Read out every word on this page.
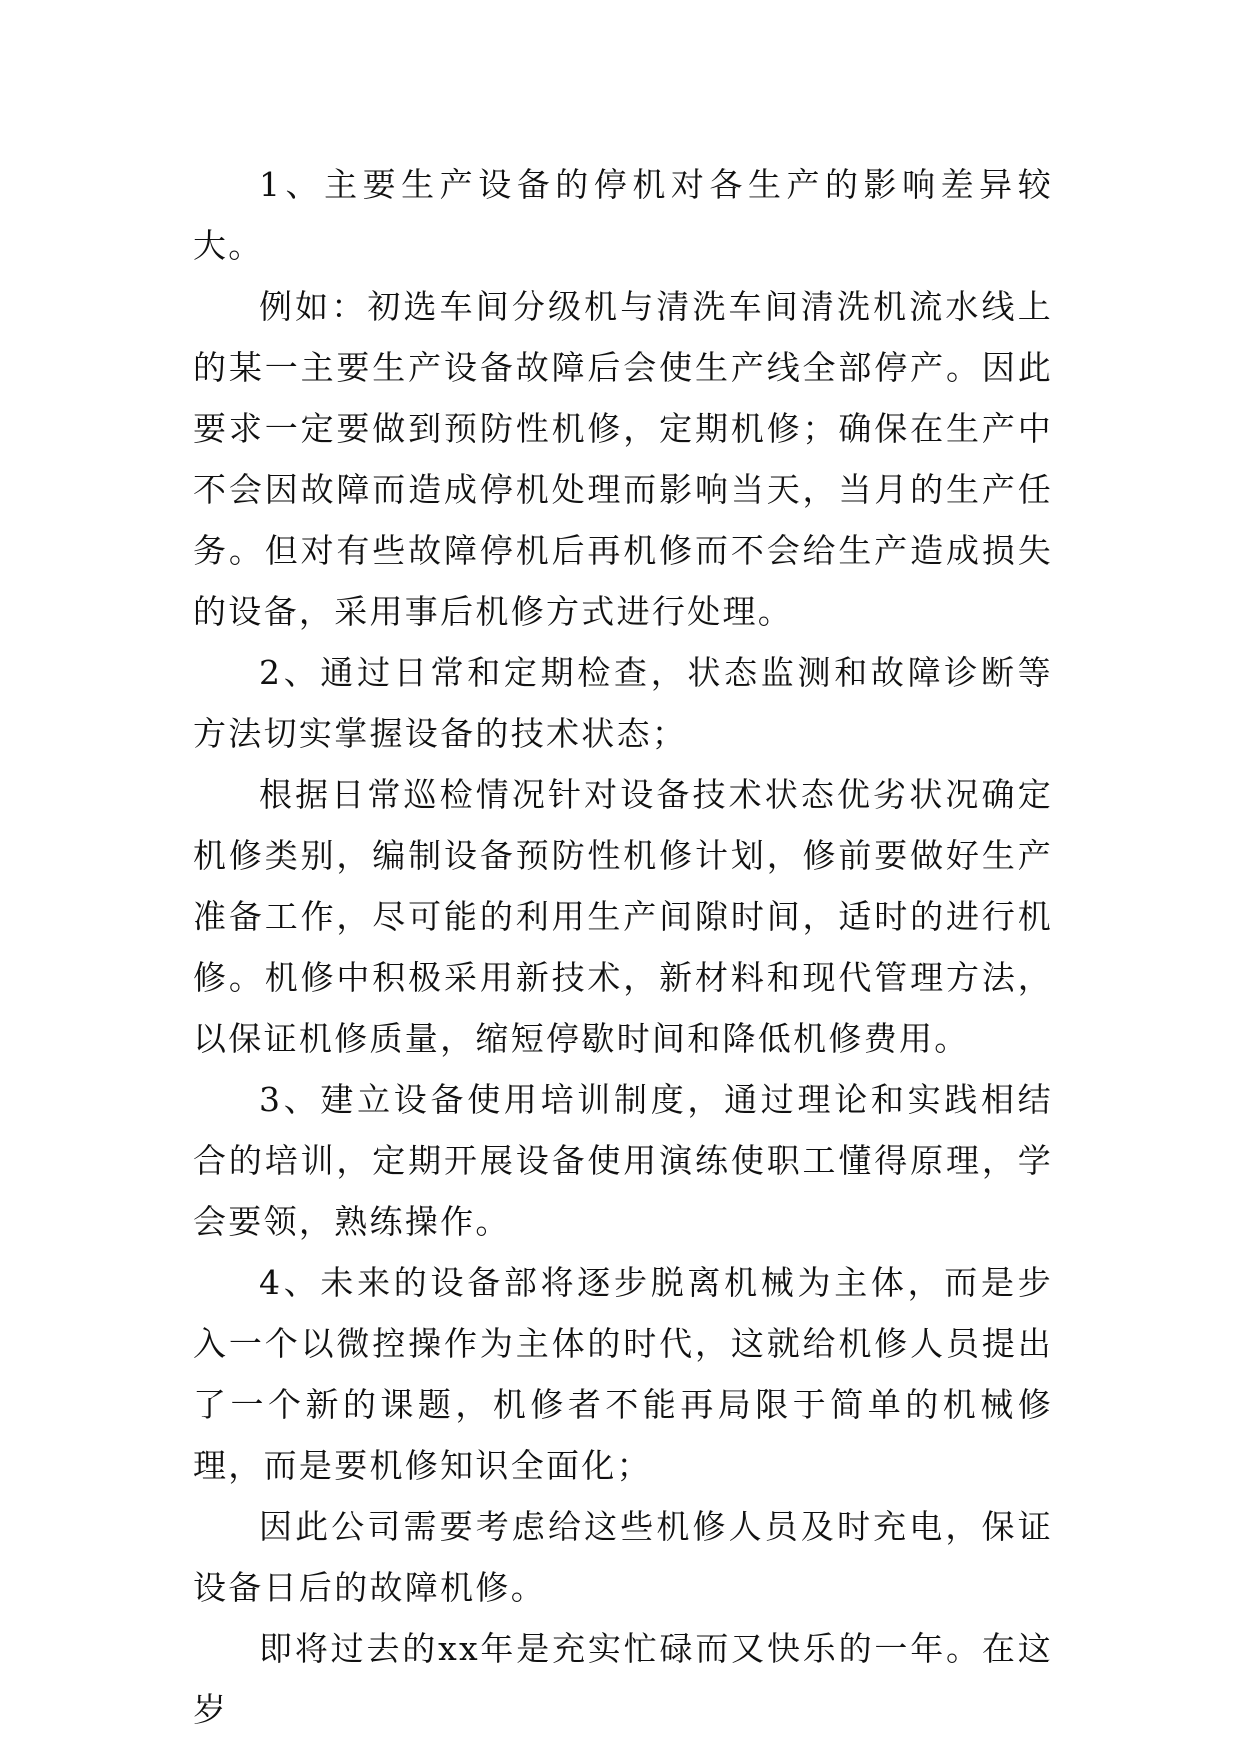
1、主要生产设备的停机对各生产的影响差异较大。

例如：初选车间分级机与清洗车间清洗机流水线上的某一主要生产设备故障后会使生产线全部停产。因此要求一定要做到预防性机修，定期机修；确保在生产中不会因故障而造成停机处理而影响当天，当月的生产任务。但对有些故障停机后再机修而不会给生产造成损失的设备，采用事后机修方式进行处理。

2、通过日常和定期检查，状态监测和故障诊断等方法切实掌握设备的技术状态；

根据日常巡检情况针对设备技术状态优劣状况确定机修类别，编制设备预防性机修计划，修前要做好生产准备工作，尽可能的利用生产间隙时间，适时的进行机修。机修中积极采用新技术，新材料和现代管理方法，以保证机修质量，缩短停歇时间和降低机修费用。

3、建立设备使用培训制度，通过理论和实践相结合的培训，定期开展设备使用演练使职工懂得原理，学会要领，熟练操作。

4、未来的设备部将逐步脱离机械为主体，而是步入一个以微控操作为主体的时代，这就给机修人员提出了一个新的课题，机修者不能再局限于简单的机械修理，而是要机修知识全面化；

因此公司需要考虑给这些机修人员及时充电，保证设备日后的故障机修。

即将过去的xx年是充实忙碌而又快乐的一年。在这岁
